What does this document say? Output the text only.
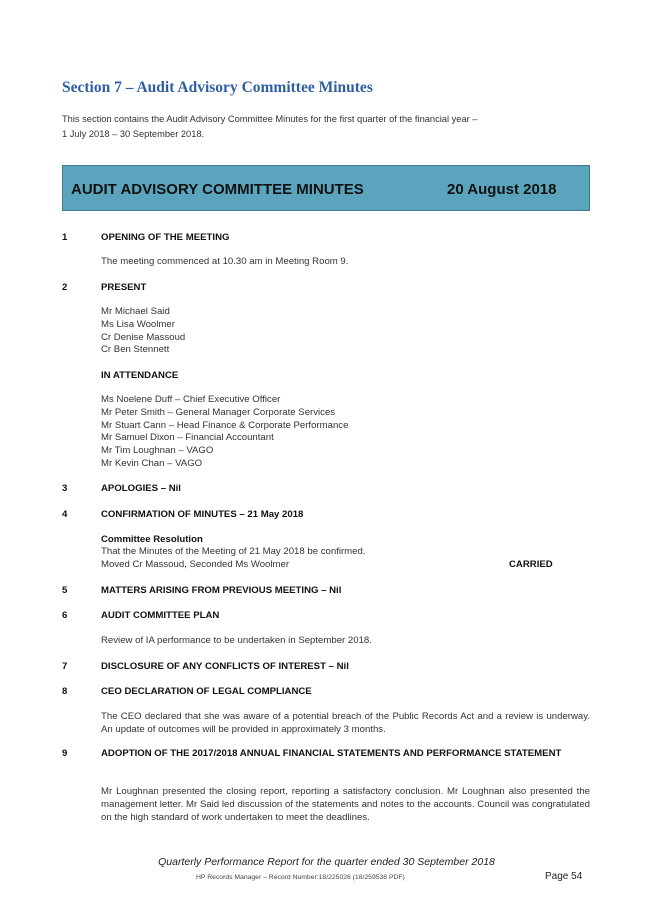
Section 7 – Audit Advisory Committee Minutes
This section contains the Audit Advisory Committee Minutes for the first quarter of the financial year –
1 July 2018 – 30 September 2018.
AUDIT ADVISORY COMMITTEE MINUTES	20 August 2018
1	OPENING OF THE MEETING
The meeting commenced at 10.30 am in Meeting Room 9.
2	PRESENT
Mr Michael Said
Ms Lisa Woolmer
Cr Denise Massoud
Cr Ben Stennett
IN ATTENDANCE
Ms Noelene Duff – Chief Executive Officer
Mr Peter Smith – General Manager Corporate Services
Mr Stuart Cann – Head Finance & Corporate Performance
Mr Samuel Dixon – Financial Accountant
Mr Tim Loughnan – VAGO
Mr Kevin Chan – VAGO
3	APOLOGIES – Nil
4	CONFIRMATION OF MINUTES – 21 May 2018
Committee Resolution
That the Minutes of the Meeting of 21 May 2018 be confirmed.
Moved Cr Massoud, Seconded Ms Woolmer	CARRIED
5	MATTERS ARISING FROM PREVIOUS MEETING – Nil
6	AUDIT COMMITTEE PLAN
Review of IA performance to be undertaken in September 2018.
7	DISCLOSURE OF ANY CONFLICTS OF INTEREST – Nil
8	CEO DECLARATION OF LEGAL COMPLIANCE
The CEO declared that she was aware of a potential breach of the Public Records Act and a review is underway. An update of outcomes will be provided in approximately 3 months.
9	ADOPTION OF THE 2017/2018 ANNUAL FINANCIAL STATEMENTS AND PERFORMANCE STATEMENT
Mr Loughnan presented the closing report, reporting a satisfactory conclusion. Mr Loughnan also presented the management letter. Mr Said led discussion of the statements and notes to the accounts. Council was congratulated on the high standard of work undertaken to meet the deadlines.
Quarterly Performance Report for the quarter ended 30 September 2018
HP Records Manager – Record Number:18/225026 (18/259538 PDF)	Page 54
